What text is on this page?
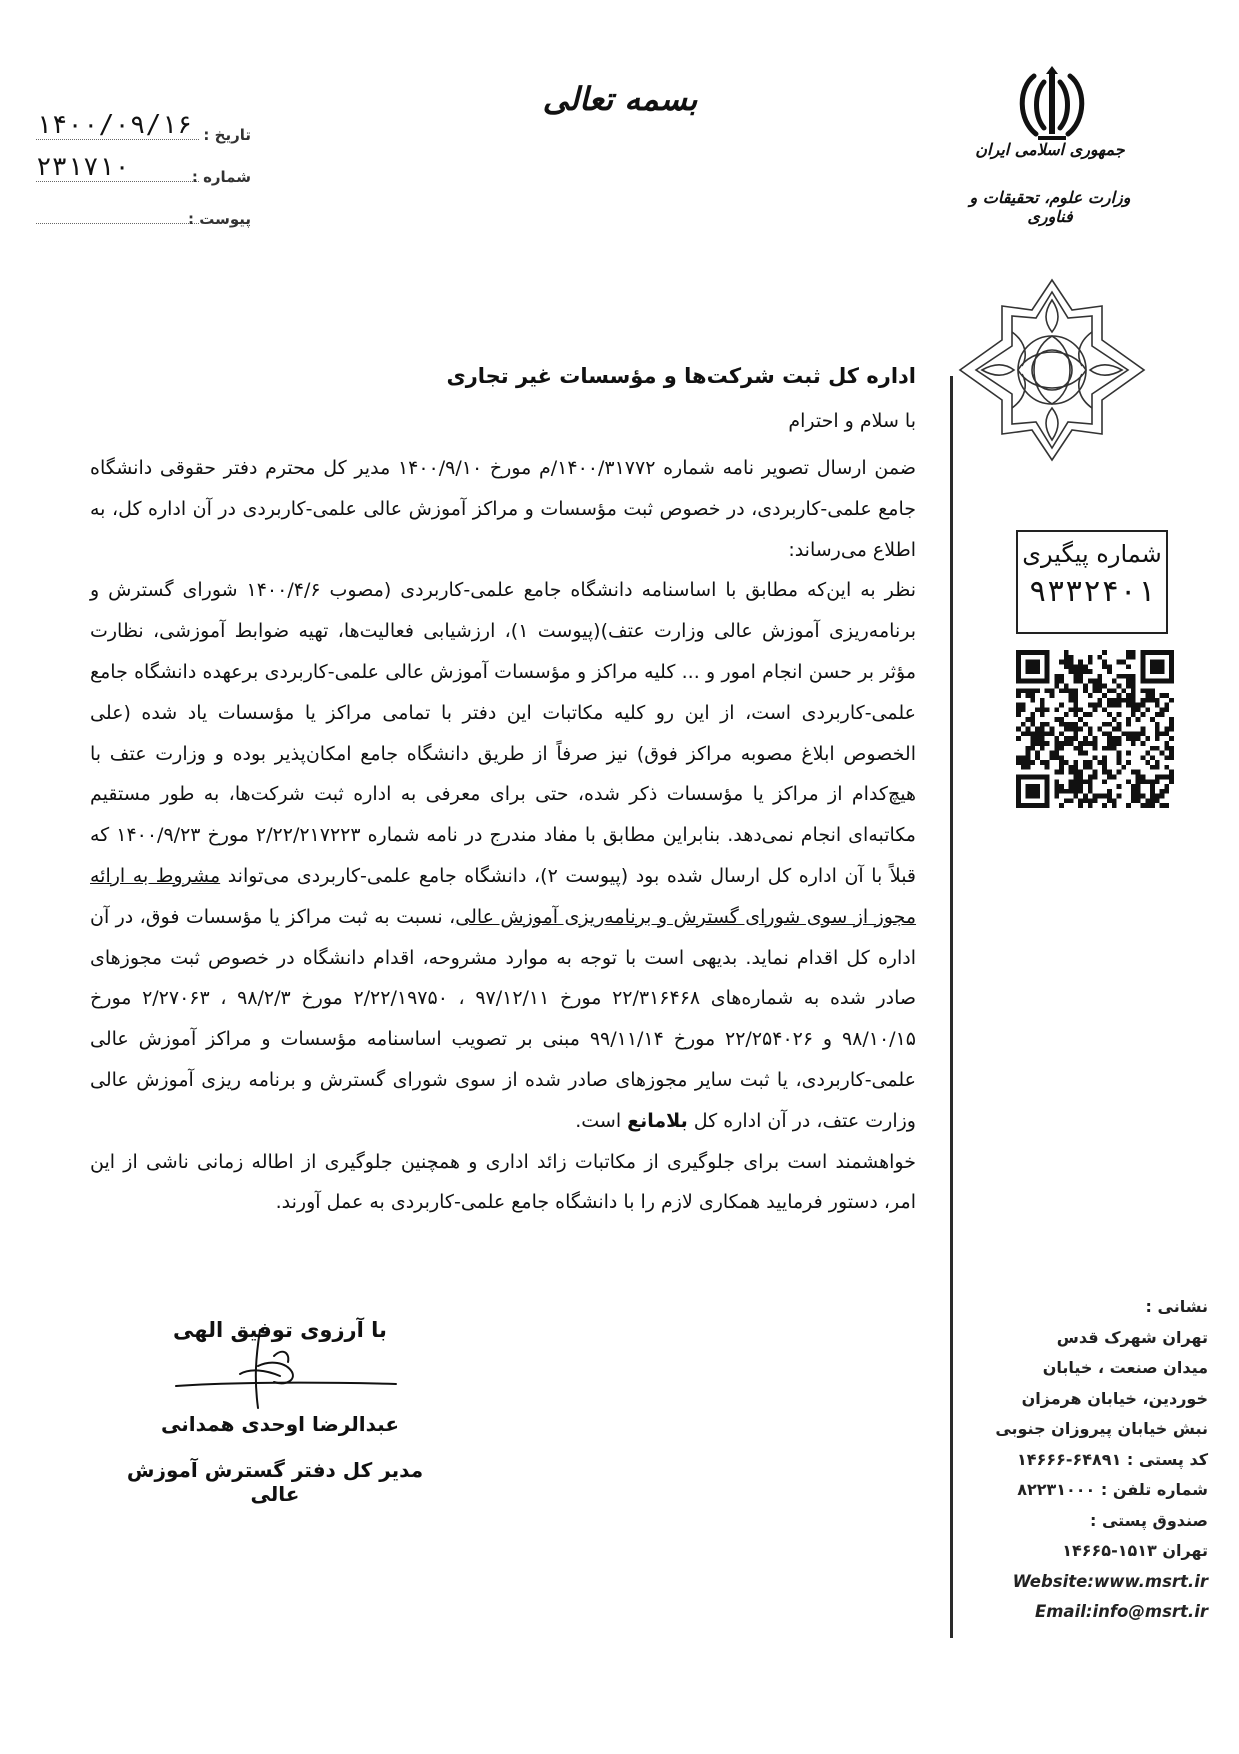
بسمه تعالی
۱۴۰۰/۰۹/۱۶ تاریخ :
۲۳۱۷۱۰	شماره :
پیوست :
جمهوری اسلامی ایران
وزارت علوم، تحقیقات و فناوری
شماره پیگیری
۹۳۳۲۴۰۱
اداره کل ثبت شرکت‌ها و مؤسسات غیر تجاری
با سلام و احترام

ضمن ارسال تصویر نامه شماره ۱۴۰۰/۳۱۷۷۲/م مورخ ۱۴۰۰/۹/۱۰ مدیر کل محترم دفتر حقوقی دانشگاه جامع علمی-کاربردی، در خصوص ثبت مؤسسات و مراکز آموزش عالی علمی-کاربردی در آن اداره کل، به اطلاع می‌رساند:

نظر به این‌که مطابق با اساسنامه دانشگاه جامع علمی-کاربردی (مصوب ۱۴۰۰/۴/۶ شورای گسترش و برنامه‌ریزی آموزش عالی وزارت عتف)(پیوست ۱)، ارزشیابی فعالیت‌ها، تهیه ضوابط آموزشی، نظارت مؤثر بر حسن انجام امور و ... کلیه مراکز و مؤسسات آموزش عالی علمی-کاربردی برعهده دانشگاه جامع علمی-کاربردی است، از این رو کلیه مکاتبات این دفتر با تمامی مراکز یا مؤسسات یاد شده (علی الخصوص ابلاغ مصوبه مراکز فوق) نیز صرفاً از طریق دانشگاه جامع امکان‌پذیر بوده و وزارت عتف با هیچ‌کدام از مراکز یا مؤسسات ذکر شده، حتی برای معرفی به اداره ثبت شرکت‌ها، به طور مستقیم مکاتبه‌ای انجام نمی‌دهد. بنابراین مطابق با مفاد مندرج در نامه شماره ۲/۲۲/۲۱۷۲۲۳ مورخ ۱۴۰۰/۹/۲۳ که قبلاً با آن اداره کل ارسال شده بود (پیوست ۲)، دانشگاه جامع علمی-کاربردی می‌تواند مشروط به ارائه مجوز از سوی شورای گسترش و برنامه‌ریزی آموزش عالی، نسبت به ثبت مراکز یا مؤسسات فوق، در آن اداره کل اقدام نماید. بدیهی است با توجه به موارد مشروحه، اقدام دانشگاه در خصوص ثبت مجوزهای صادر شده به شماره‌های ۲۲/۳۱۶۴۶۸ مورخ ۹۷/۱۲/۱۱ ، ۲/۲۲/۱۹۷۵۰ مورخ ۹۸/۲/۳ ، ۲/۲۷۰۶۳ مورخ ۹۸/۱۰/۱۵ و ۲۲/۲۵۴۰۲۶ مورخ ۹۹/۱۱/۱۴ مبنی بر تصویب اساسنامه مؤسسات و مراکز آموزش عالی علمی-کاربردی، یا ثبت سایر مجوزهای صادر شده از سوی شورای گسترش و برنامه ریزی آموزش عالی وزارت عتف، در آن اداره کل بلامانع است.

خواهشمند است برای جلوگیری از مکاتبات زائد اداری و همچنین جلوگیری از اطاله زمانی ناشی از این امر، دستور فرمایید همکاری لازم را با دانشگاه جامع علمی-کاربردی به عمل آورند.

با آرزوی توفیق الهی
عبدالرضا اوحدی همدانی
مدیر کل دفتر گسترش آموزش عالی
نشانی :
تهران شهرک قدس
میدان صنعت ، خیابان
خوردین، خیابان هرمزان
نبش خیابان پیروزان جنوبی
کد پستی : ۶۴۸۹۱-۱۴۶۶۶
شماره تلفن : ۸۲۲۳۱۰۰۰
صندوق پستی :
تهران ۱۵۱۳-۱۴۶۶۵
Website:www.msrt.ir
Email:info@msrt.ir
